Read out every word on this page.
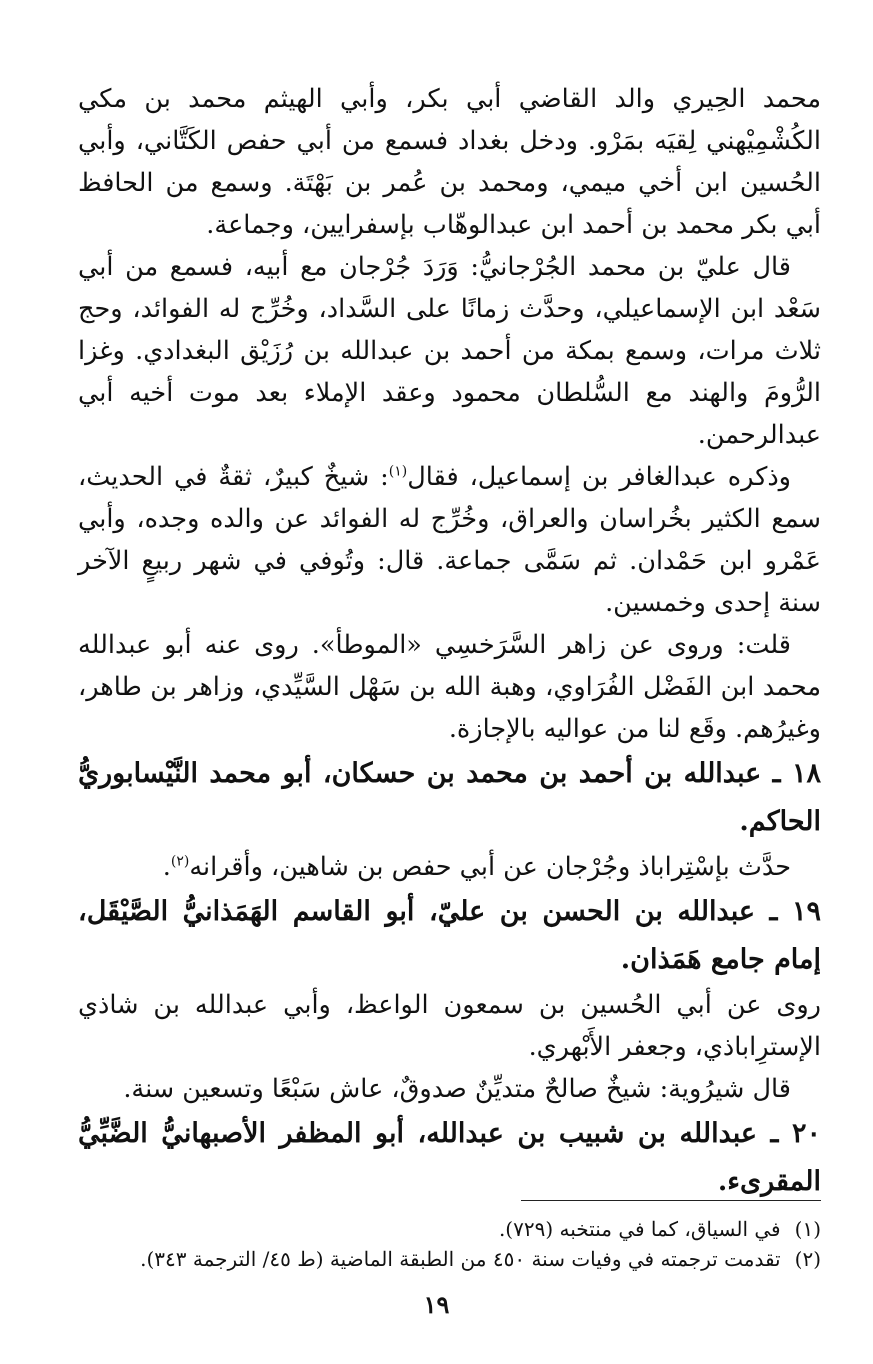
محمد الحِيري والد القاضي أبي بكر، وأبي الهيثم محمد بن مكي الكُشْمِيْهني لِقيَه بمَرْو. ودخل بغداد فسمع من أبي حفص الكَتَّاني، وأبي الحُسين ابن أخي ميمي، ومحمد بن عُمر بن بَهْتَة. وسمع من الحافظ أبي بكر محمد بن أحمد ابن عبدالوهّاب بإسفرايين، وجماعة.

قال عليّ بن محمد الجُرْجانيُّ: وَرَدَ جُرْجان مع أبيه، فسمع من أبي سَعْد ابن الإسماعيلي، وحدَّث زمانًا على السَّداد، وخُرِّج له الفوائد، وحج ثلاث مرات، وسمع بمكة من أحمد بن عبدالله بن رُزَيْق البغدادي. وغزا الرُّومَ والهند مع السُّلطان محمود وعقد الإملاء بعد موت أخيه أبي عبدالرحمن.

وذكره عبدالغافر بن إسماعيل، فقال$^{(١)}$: شيخٌ كبيرٌ، ثقةٌ في الحديث، سمع الكثير بخُراسان والعراق، وخُرِّج له الفوائد عن والده وجده، وأبي عَمْرو ابن حَمْدان. ثم سَمَّى جماعة. قال: وتُوفي في شهر ربيعٍ الآخر سنة إحدى وخمسين.

قلت: وروى عن زاهر السَّرَخسِي «الموطأ». روى عنه أبو عبدالله محمد ابن الفَضْل الفُرَاوي، وهبة الله بن سَهْل السَّيِّدي، وزاهر بن طاهر، وغيرُهم. وقَع لنا من عواليه بالإجازة.

١٨ ـ عبدالله بن أحمد بن محمد بن حسكان، أبو محمد النَّيْسابوريُّ الحاكم.

حدَّث بإسْتِراباذ وجُرْجان عن أبي حفص بن شاهين، وأقرانه$^{(٢)}$.

١٩ ـ عبدالله بن الحسن بن عليّ، أبو القاسم الهَمَذانيُّ الصَّيْقَل، إمام جامع هَمَذان.

روى عن أبي الحُسين بن سمعون الواعظ، وأبي عبدالله بن شاذي الإسترِاباذي، وجعفر الأَبْهري.

قال شيرُوية: شيخٌ صالحٌ متديِّنٌ صدوقٌ، عاش سَبْعًا وتسعين سنة.

٢٠ ـ عبدالله بن شبيب بن عبدالله، أبو المظفر الأصبهانيُّ الضَّبِّيُّ المقرىء.

(١)
في السياق، كما في منتخبه (٧٢٩).
(٢)
تقدمت ترجمته في وفيات سنة ٤٥٠ من الطبقة الماضية (ط ٤٥/ الترجمة ٣٤٣).
١٩
